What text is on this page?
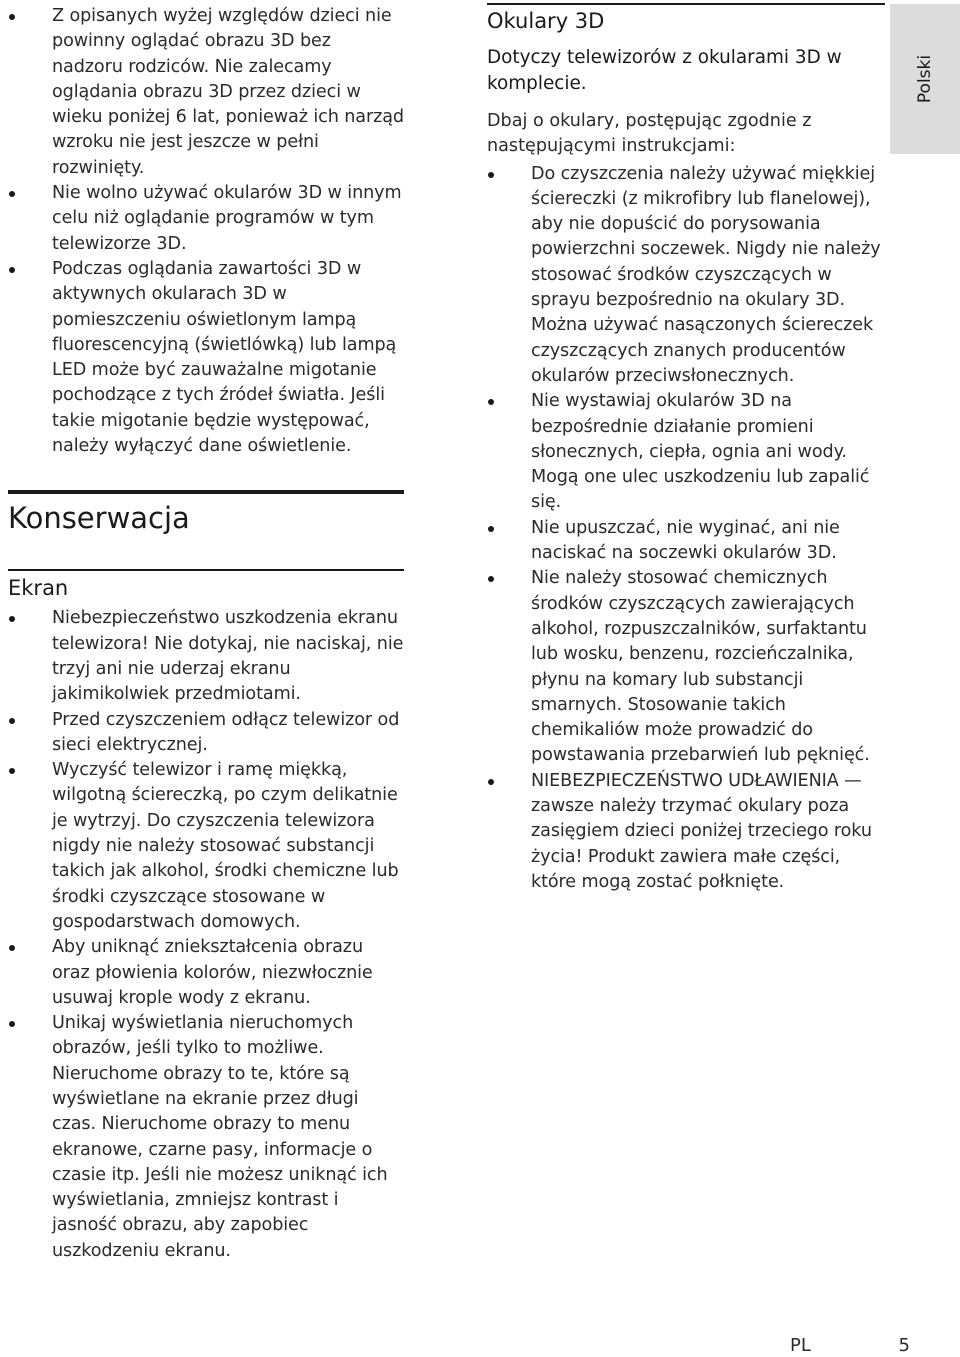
Polski
Z opisanych wyżej względów dzieci nie powinny oglądać obrazu 3D bez nadzoru rodziców. Nie zalecamy oglądania obrazu 3D przez dzieci w wieku poniżej 6 lat, ponieważ ich narząd wzroku nie jest jeszcze w pełni rozwinięty.
Nie wolno używać okularów 3D w innym celu niż oglądanie programów w tym telewizorze 3D.
Podczas oglądania zawartości 3D w aktywnych okularach 3D w pomieszczeniu oświetlonym lampą fluorescencyjną (świetlówką) lub lampą LED może być zauważalne migotanie pochodzące z tych źródeł światła. Jeśli takie migotanie będzie występować, należy wyłączyć dane oświetlenie.
Konserwacja
Ekran
Niebezpieczeństwo uszkodzenia ekranu telewizora! Nie dotykaj, nie naciskaj, nie trzyj ani nie uderzaj ekranu jakimikolwiek przedmiotami.
Przed czyszczeniem odłącz telewizor od sieci elektrycznej.
Wyczyść telewizor i ramę miękką, wilgotną ściereczką, po czym delikatnie je wytrzyj. Do czyszczenia telewizora nigdy nie należy stosować substancji takich jak alkohol, środki chemiczne lub środki czyszczące stosowane w gospodarstwach domowych.
Aby uniknąć zniekształcenia obrazu oraz płowienia kolorów, niezwłocznie usuwaj krople wody z ekranu.
Unikaj wyświetlania nieruchomych obrazów, jeśli tylko to możliwe. Nieruchome obrazy to te, które są wyświetlane na ekranie przez długi czas. Nieruchome obrazy to menu ekranowe, czarne pasy, informacje o czasie itp. Jeśli nie możesz uniknąć ich wyświetlania, zmniejsz kontrast i jasność obrazu, aby zapobiec uszkodzeniu ekranu.
Okulary 3D
Dotyczy telewizorów z okularami 3D w komplecie.
Dbaj o okulary, postępując zgodnie z następującymi instrukcjami:
Do czyszczenia należy używać miękkiej ściereczki (z mikrofibry lub flanelowej), aby nie dopuścić do porysowania powierzchni soczewek. Nigdy nie należy stosować środków czyszczących w sprayu bezpośrednio na okulary 3D. Można używać nasączonych ściereczek czyszczących znanych producentów okularów przeciwsłonecznych.
Nie wystawiaj okularów 3D na bezpośrednie działanie promieni słonecznych, ciepła, ognia ani wody. Mogą one ulec uszkodzeniu lub zapalić się.
Nie upuszczać, nie wyginać, ani nie naciskać na soczewki okularów 3D.
Nie należy stosować chemicznych środków czyszczących zawierających alkohol, rozpuszczalników, surfaktantu lub wosku, benzenu, rozcieńczalnika, płynu na komary lub substancji smarnych. Stosowanie takich chemikaliów może prowadzić do powstawania przebarwień lub pęknięć.
NIEBEZPIECZEŃSTWO UDŁAWIENIA — zawsze należy trzymać okulary poza zasięgiem dzieci poniżej trzeciego roku życia! Produkt zawiera małe części, które mogą zostać połknięte.
PL	5
